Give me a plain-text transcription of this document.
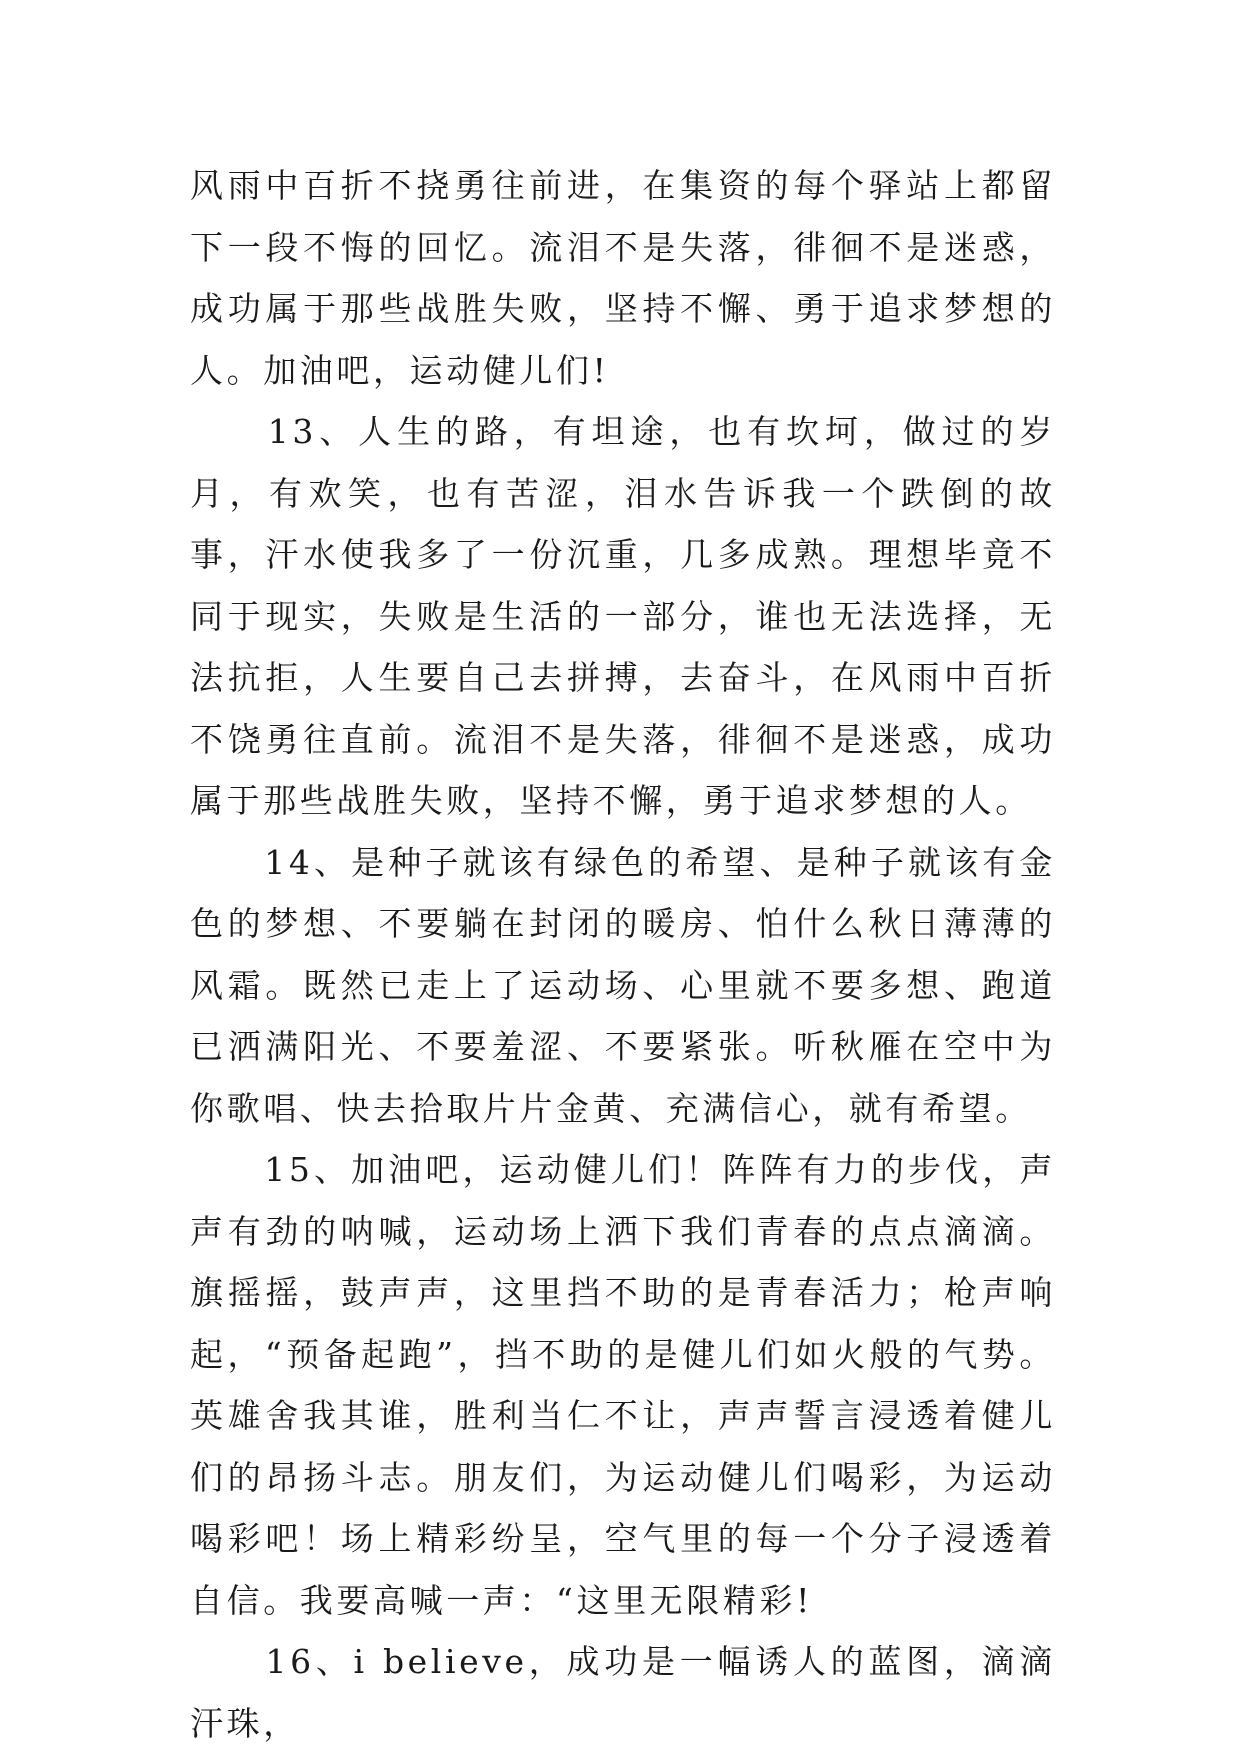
风雨中百折不挠勇往前进，在集资的每个驿站上都留下一段不悔的回忆。流泪不是失落，徘徊不是迷惑，成功属于那些战胜失败，坚持不懈、勇于追求梦想的人。加油吧，运动健儿们!

　　13、人生的路，有坦途，也有坎坷，做过的岁月，有欢笑，也有苦涩，泪水告诉我一个跌倒的故事，汗水使我多了一份沉重，几多成熟。理想毕竟不同于现实，失败是生活的一部分，谁也无法选择，无法抗拒，人生要自己去拼搏，去奋斗，在风雨中百折不饶勇往直前。流泪不是失落，徘徊不是迷惑，成功属于那些战胜失败，坚持不懈，勇于追求梦想的人。

　　14、是种子就该有绿色的希望、是种子就该有金色的梦想、不要躺在封闭的暖房、怕什么秋日薄薄的风霜。既然已走上了运动场、心里就不要多想、跑道已洒满阳光、不要羞涩、不要紧张。听秋雁在空中为你歌唱、快去拾取片片金黄、充满信心，就有希望。

　　15、加油吧，运动健儿们！阵阵有力的步伐，声声有劲的呐喊，运动场上洒下我们青春的点点滴滴。旗摇摇，鼓声声，这里挡不助的是青春活力；枪声响起，“预备起跑”，挡不助的是健儿们如火般的气势。英雄舍我其谁，胜利当仁不让，声声誓言浸透着健儿们的昂扬斗志。朋友们，为运动健儿们喝彩，为运动喝彩吧！场上精彩纷呈，空气里的每一个分子浸透着自信。我要高喊一声：“这里无限精彩!

　　16、i believe，成功是一幅诱人的蓝图，滴滴汗珠，
